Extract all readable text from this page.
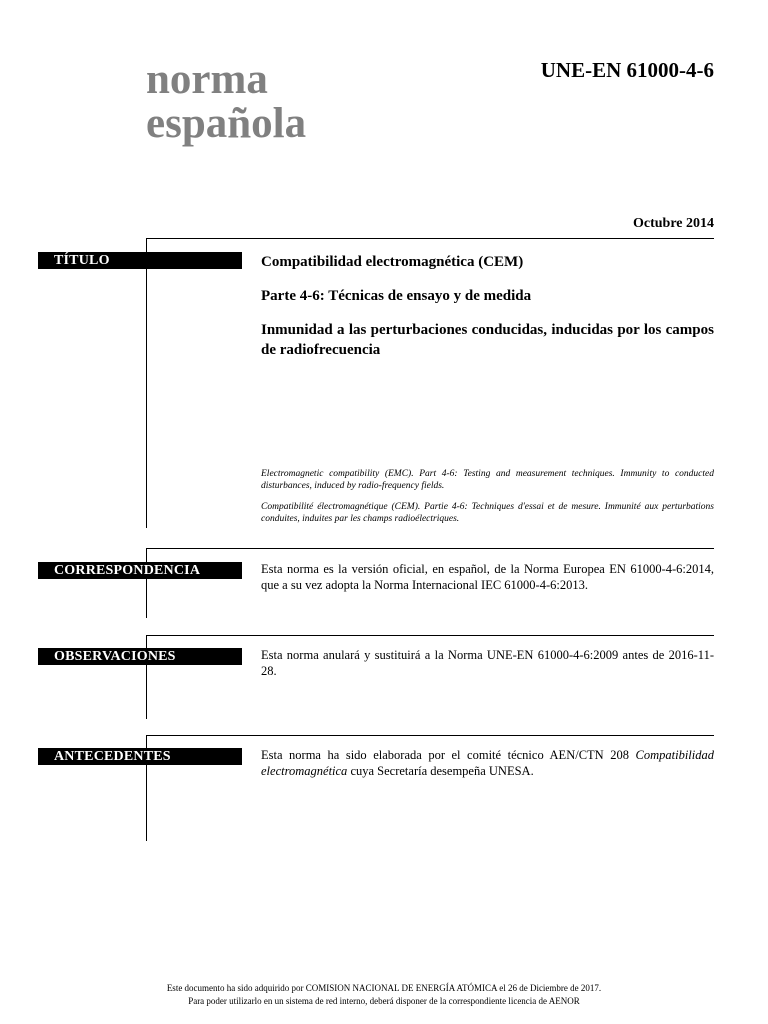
norma
española
UNE-EN 61000-4-6
Octubre 2014
TÍTULO	Compatibilidad electromagnética (CEM)

Parte 4-6: Técnicas de ensayo y de medida

Inmunidad a las perturbaciones conducidas, inducidas por los campos de radiofrecuencia

Electromagnetic compatibility (EMC). Part 4-6: Testing and measurement techniques. Immunity to conducted disturbances, induced by radio-frequency fields.

Compatibilité électromagnétique (CEM). Partie 4-6: Techniques d'essai et de mesure. Immunité aux perturbations conduites, induites par les champs radioélectriques.

CORRESPONDENCIA	Esta norma es la versión oficial, en español, de la Norma Europea EN 61000-4-6:2014, que a su vez adopta la Norma Internacional IEC 61000-4-6:2013.

OBSERVACIONES	Esta norma anulará y sustituirá a la Norma UNE-EN 61000-4-6:2009 antes de 2016-11-28.

ANTECEDENTES	Esta norma ha sido elaborada por el comité técnico AEN/CTN 208 Compatibilidad electromagnética cuya Secretaría desempeña UNESA.

Este documento ha sido adquirido por COMISION NACIONAL DE ENERGÍA ATÓMICA el 26 de Diciembre de 2017.
Para poder utilizarlo en un sistema de red interno, deberá disponer de la correspondiente licencia de AENOR
